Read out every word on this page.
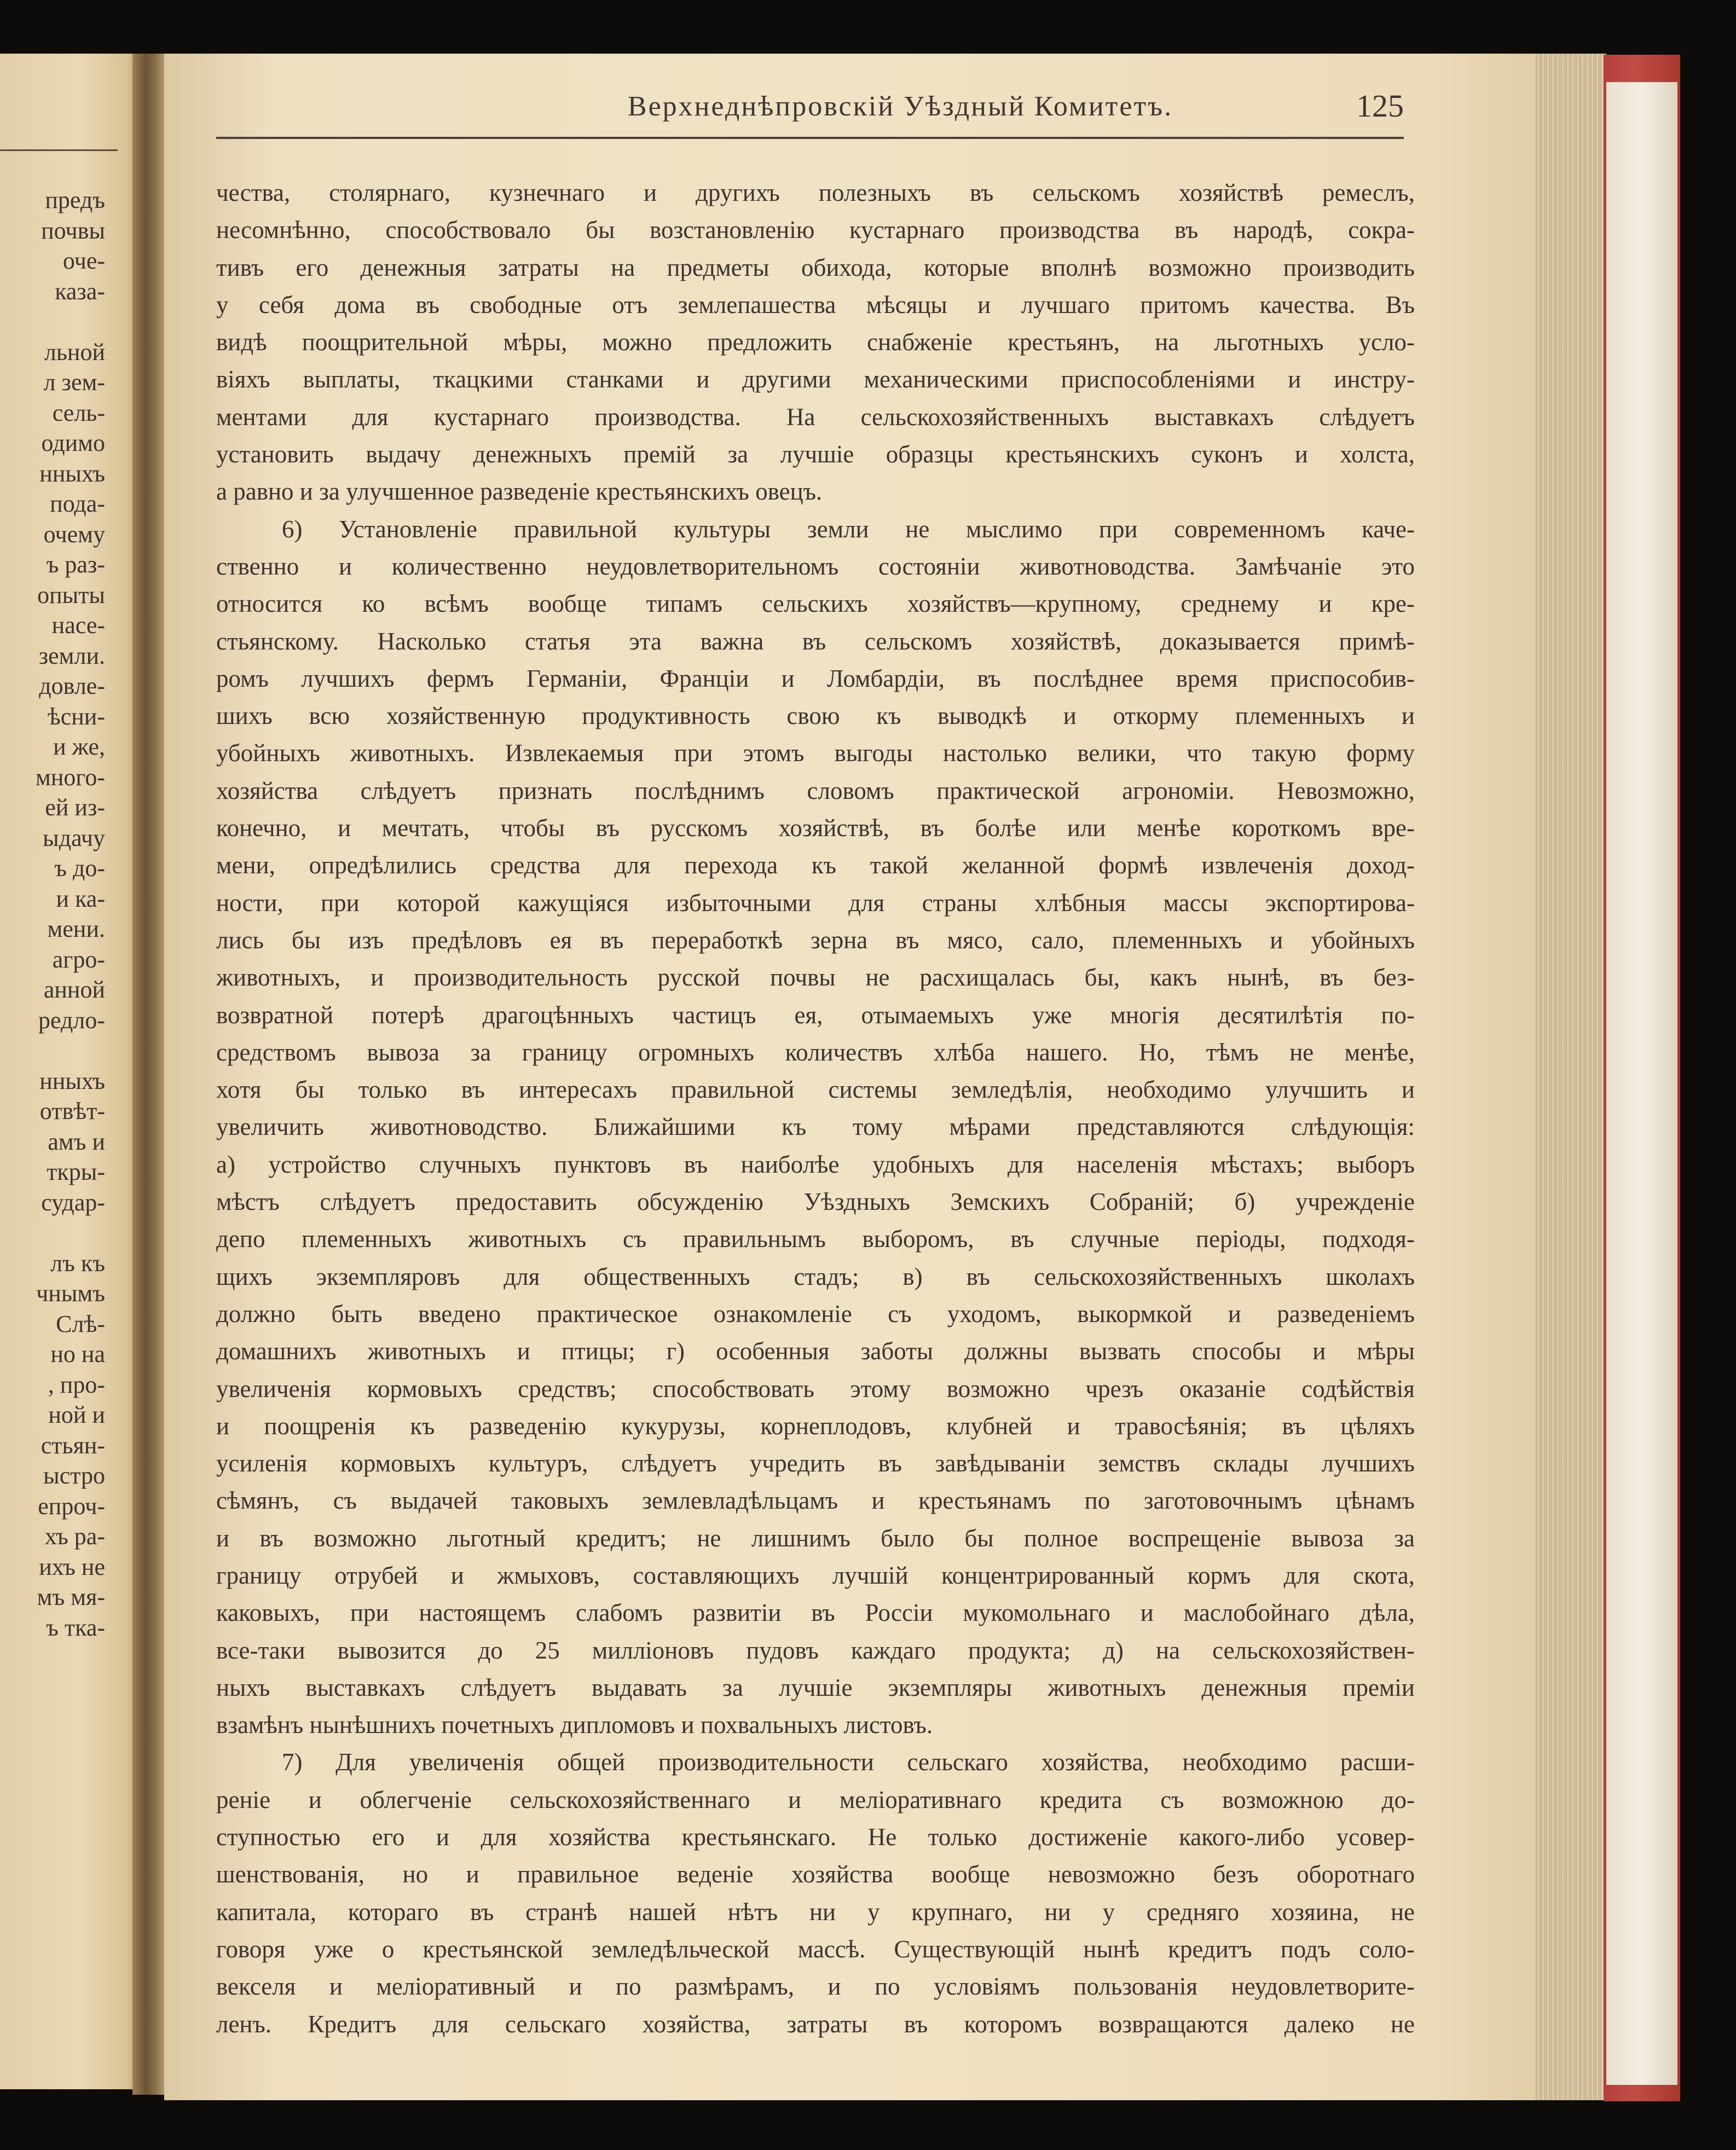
предъ
почвы
оче-
каза-
льной
л зем-
сель-
одимо
нныхъ
пода-
очему
ъ раз-
опыты
насе-
земли.
довле-
ѣсни-
и же,
много-
ей из-
ыдачу
ъ до-
и ка-
мени.
агро-
анной
редло-
нныхъ
отвѣт-
амъ и
ткры-
судар-
лъ къ
чнымъ
Слѣ-
но на
, про-
ной и
стьян-
ыстро
епроч-
хъ ра-
ихъ не
мъ мя-
ъ тка-
Верхнеднѣпровскій Уѣздный Комитетъ.	125
чества, столярнаго, кузнечнаго и другихъ полезныхъ въ сельскомъ хозяйствѣ ремеслъ,
несомнѣнно, способствовало бы возстановленію кустарнаго производства въ народѣ, сокра-
тивъ его денежныя затраты на предметы обихода, которые вполнѣ возможно производить
у себя дома въ свободные отъ землепашества мѣсяцы и лучшаго притомъ качества. Въ
видѣ поощрительной мѣры, можно предложить снабженіе крестьянъ, на льготныхъ усло-
віяхъ выплаты, ткацкими станками и другими механическими приспособленіями и инстру-
ментами для кустарнаго производства. На сельскохозяйственныхъ выставкахъ слѣдуетъ
установить выдачу денежныхъ премій за лучшіе образцы крестьянскихъ суконъ и холста,
а равно и за улучшенное разведеніе крестьянскихъ овецъ.
6) Установленіе правильной культуры земли не мыслимо при современномъ каче-
ственно и количественно неудовлетворительномъ состояніи животноводства. Замѣчаніе это
относится ко всѣмъ вообще типамъ сельскихъ хозяйствъ—крупному, среднему и кре-
стьянскому. Насколько статья эта важна въ сельскомъ хозяйствѣ, доказывается примѣ-
ромъ лучшихъ фермъ Германіи, Франціи и Ломбардіи, въ послѣднее время приспособив-
шихъ всю хозяйственную продуктивность свою къ выводкѣ и откорму племенныхъ и
убойныхъ животныхъ. Извлекаемыя при этомъ выгоды настолько велики, что такую форму
хозяйства слѣдуетъ признать послѣднимъ словомъ практической агрономіи. Невозможно,
конечно, и мечтать, чтобы въ русскомъ хозяйствѣ, въ болѣе или менѣе короткомъ вре-
мени, опредѣлились средства для перехода къ такой желанной формѣ извлеченія доход-
ности, при которой кажущіяся избыточными для страны хлѣбныя массы экспортирова-
лись бы изъ предѣловъ ея въ переработкѣ зерна въ мясо, сало, племенныхъ и убойныхъ
животныхъ, и производительность русской почвы не расхищалась бы, какъ нынѣ, въ без-
возвратной потерѣ драгоцѣнныхъ частицъ ея, отымаемыхъ уже многія десятилѣтія по-
средствомъ вывоза за границу огромныхъ количествъ хлѣба нашего. Но, тѣмъ не менѣе,
хотя бы только въ интересахъ правильной системы земледѣлія, необходимо улучшить и
увеличить животноводство. Ближайшими къ тому мѣрами представляются слѣдующія:
а) устройство случныхъ пунктовъ въ наиболѣе удобныхъ для населенія мѣстахъ; выборъ
мѣстъ слѣдуетъ предоставить обсужденію Уѣздныхъ Земскихъ Собраній; б) учрежденіе
депо племенныхъ животныхъ съ правильнымъ выборомъ, въ случные періоды, подходя-
щихъ экземпляровъ для общественныхъ стадъ; в) въ сельскохозяйственныхъ школахъ
должно быть введено практическое ознакомленіе съ уходомъ, выкормкой и разведеніемъ
домашнихъ животныхъ и птицы; г) особенныя заботы должны вызвать способы и мѣры
увеличенія кормовыхъ средствъ; способствовать этому возможно чрезъ оказаніе содѣйствія
и поощренія къ разведенію кукурузы, корнеплодовъ, клубней и травосѣянія; въ цѣляхъ
усиленія кормовыхъ культуръ, слѣдуетъ учредить въ завѣдываніи земствъ склады лучшихъ
сѣмянъ, съ выдачей таковыхъ землевладѣльцамъ и крестьянамъ по заготовочнымъ цѣнамъ
и въ возможно льготный кредитъ; не лишнимъ было бы полное воспрещеніе вывоза за
границу отрубей и жмыховъ, составляющихъ лучшій концентрированный кормъ для скота,
каковыхъ, при настоящемъ слабомъ развитіи въ Россіи мукомольнаго и маслобойнаго дѣла,
все-таки вывозится до 25 милліоновъ пудовъ каждаго продукта; д) на сельскохозяйствен-
ныхъ выставкахъ слѣдуетъ выдавать за лучшіе экземпляры животныхъ денежныя преміи
взамѣнъ нынѣшнихъ почетныхъ дипломовъ и похвальныхъ листовъ.
7) Для увеличенія общей производительности сельскаго хозяйства, необходимо расши-
реніе и облегченіе сельскохозяйственнаго и меліоративнаго кредита съ возможною до-
ступностью его и для хозяйства крестьянскаго. Не только достиженіе какого-либо усовер-
шенствованія, но и правильное веденіе хозяйства вообще невозможно безъ оборотнаго
капитала, котораго въ странѣ нашей нѣтъ ни у крупнаго, ни у средняго хозяина, не
говоря уже о крестьянской земледѣльческой массѣ. Существующій нынѣ кредитъ подъ соло-
векселя и меліоративный и по размѣрамъ, и по условіямъ пользованія неудовлетворите-
ленъ. Кредитъ для сельскаго хозяйства, затраты въ которомъ возвращаются далеко не
